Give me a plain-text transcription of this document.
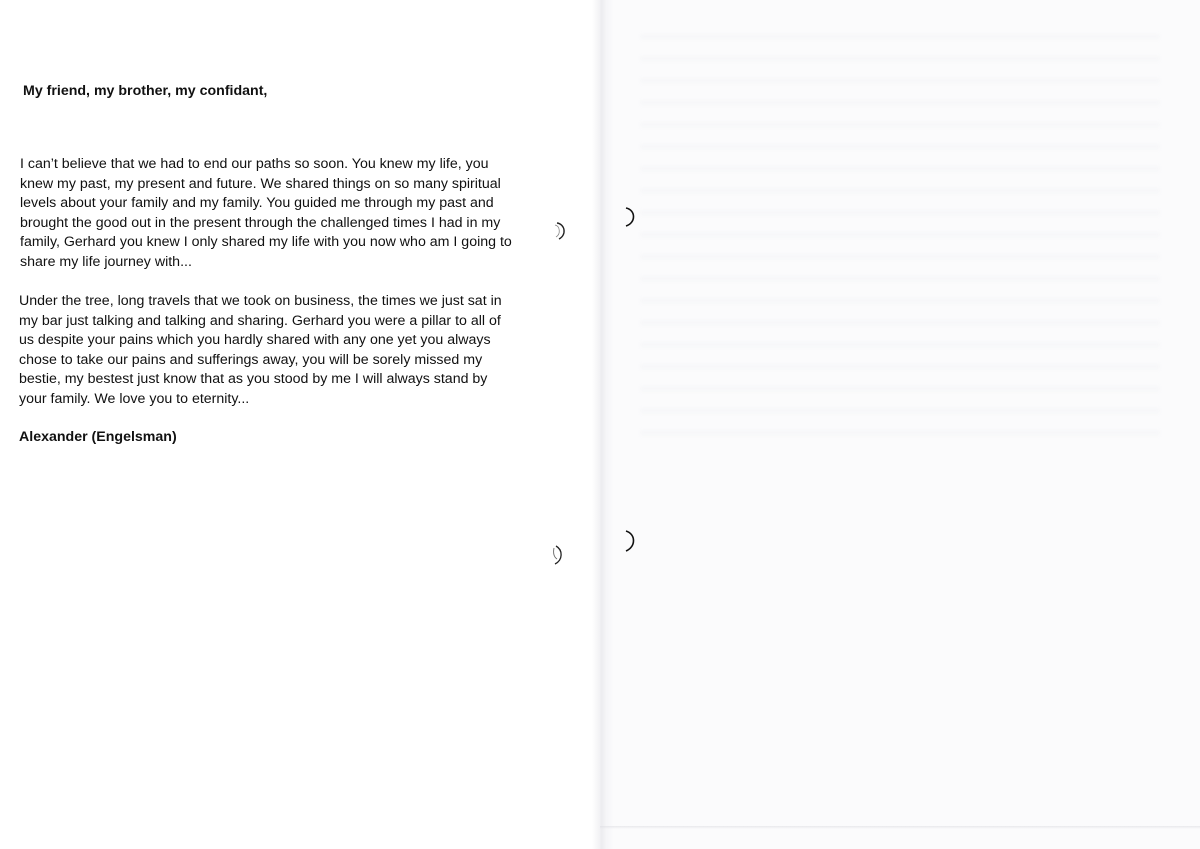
My friend, my brother, my confidant,
I can’t believe that we had to end our paths so soon. You knew my life, you
knew my past, my present and future. We shared things on so many spiritual
levels about your family and my family. You guided me through my past and
brought the good out in the present through the challenged times I had in my
family, Gerhard you knew I only shared my life with you now who am I going to
share my life journey with...
Under the tree, long travels that we took on business, the times we just sat in
my bar just talking and talking and sharing. Gerhard you were a pillar to all of
us despite your pains which you hardly shared with any one yet you always
chose to take our pains and sufferings away, you will be sorely missed my
bestie, my bestest just know that as you stood by me I will always stand by
your family. We love you to eternity...
Alexander (Engelsman)
